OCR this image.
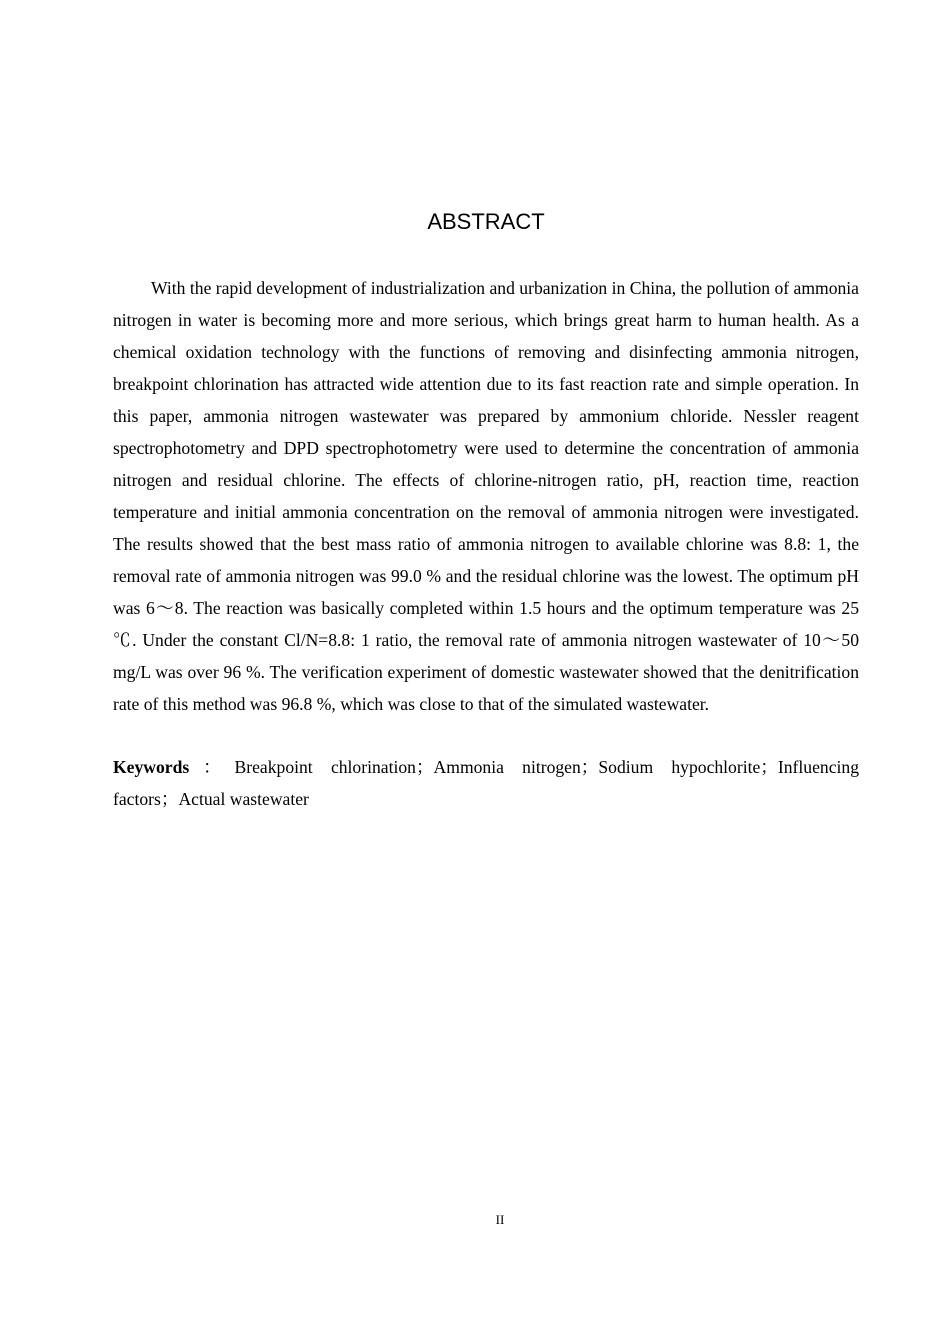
ABSTRACT

With the rapid development of industrialization and urbanization in China, the pollution of ammonia nitrogen in water is becoming more and more serious, which brings great harm to human health. As a chemical oxidation technology with the functions of removing and disinfecting ammonia nitrogen, breakpoint chlorination has attracted wide attention due to its fast reaction rate and simple operation. In this paper, ammonia nitrogen wastewater was prepared by ammonium chloride. Nessler reagent spectrophotometry and DPD spectrophotometry were used to determine the concentration of ammonia nitrogen and residual chlorine. The effects of chlorine-nitrogen ratio, pH, reaction time, reaction temperature and initial ammonia concentration on the removal of ammonia nitrogen were investigated. The results showed that the best mass ratio of ammonia nitrogen to available chlorine was 8.8: 1, the removal rate of ammonia nitrogen was 99.0 % and the residual chlorine was the lowest. The optimum pH was 6～8. The reaction was basically completed within 1.5 hours and the optimum temperature was 25 ℃. Under the constant Cl/N=8.8: 1 ratio, the removal rate of ammonia nitrogen wastewater of 10～50 mg/L was over 96 %. The verification experiment of domestic wastewater showed that the denitrification rate of this method was 96.8 %, which was close to that of the simulated wastewater.

Keywords：Breakpoint chlorination；Ammonia nitrogen；Sodium hypochlorite；Influencing factors；Actual wastewater

II
